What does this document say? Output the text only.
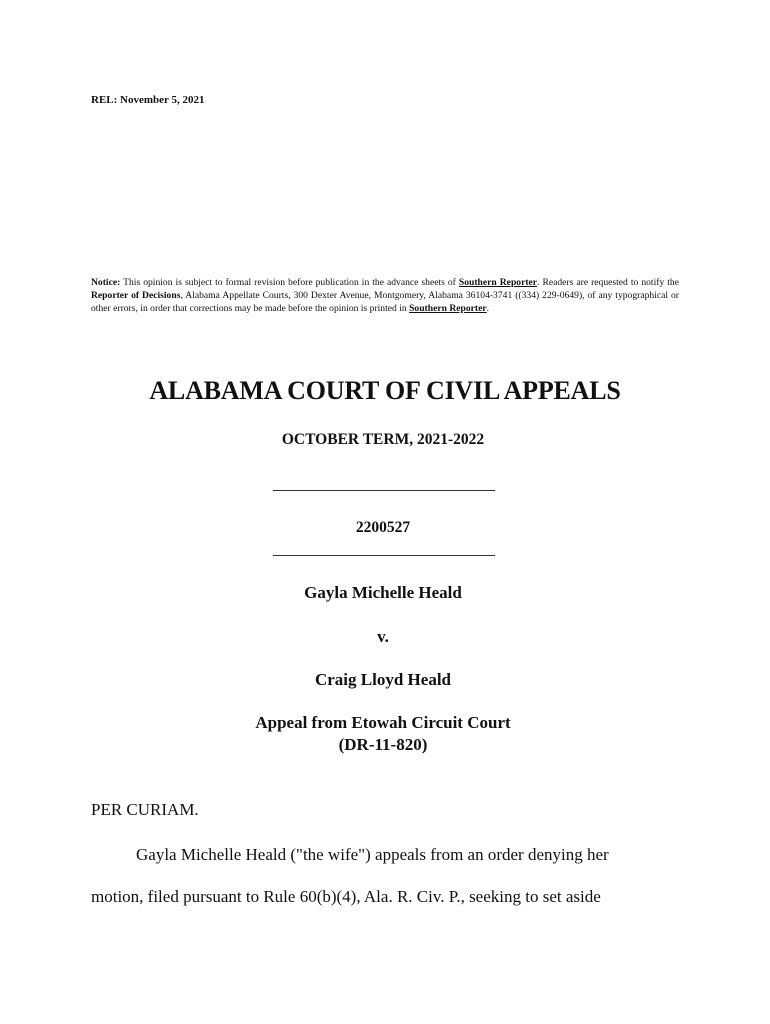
REL: November 5, 2021
Notice: This opinion is subject to formal revision before publication in the advance sheets of Southern Reporter. Readers are requested to notify the Reporter of Decisions, Alabama Appellate Courts, 300 Dexter Avenue, Montgomery, Alabama 36104-3741 ((334) 229-0649), of any typographical or other errors, in order that corrections may be made before the opinion is printed in Southern Reporter.
ALABAMA COURT OF CIVIL APPEALS
OCTOBER TERM, 2021-2022
2200527
Gayla Michelle Heald
v.
Craig Lloyd Heald
Appeal from Etowah Circuit Court
(DR-11-820)
PER CURIAM.
Gayla Michelle Heald ("the wife") appeals from an order denying her
motion, filed pursuant to Rule 60(b)(4), Ala. R. Civ. P., seeking to set aside
